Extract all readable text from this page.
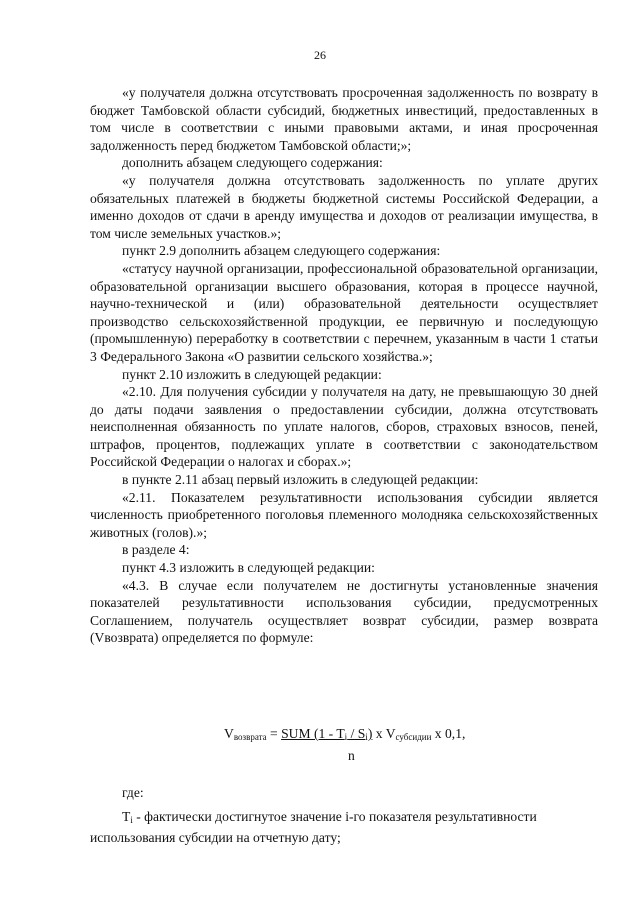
26

«у получателя должна отсутствовать просроченная задолженность по возврату в бюджет Тамбовской области субсидий, бюджетных инвестиций, предоставленных в том числе в соответствии с иными правовыми актами, и иная просроченная задолженность перед бюджетом Тамбовской области;»;

дополнить абзацем следующего содержания:

«у получателя должна отсутствовать задолженность по уплате других обязательных платежей в бюджеты бюджетной системы Российской Федерации, а именно доходов от сдачи в аренду имущества и доходов от реализации имущества, в том числе земельных участков.»;

пункт 2.9 дополнить абзацем следующего содержания:

«статусу научной организации, профессиональной образовательной организации, образовательной организации высшего образования, которая в процессе научной, научно-технической и (или) образовательной деятельности осуществляет производство сельскохозяйственной продукции, ее первичную и последующую (промышленную) переработку в соответствии с перечнем, указанным в части 1 статьи 3 Федерального Закона «О развитии сельского хозяйства.»;

пункт 2.10 изложить в следующей редакции:

«2.10. Для получения субсидии у получателя на дату, не превышающую 30 дней до даты подачи заявления о предоставлении субсидии, должна отсутствовать неисполненная обязанность по уплате налогов, сборов, страховых взносов, пеней, штрафов, процентов, подлежащих уплате в соответствии с законодательством Российской Федерации о налогах и сборах.»;

в пункте 2.11 абзац первый изложить в следующей редакции:

«2.11. Показателем результативности использования субсидии является численность приобретенного поголовья племенного молодняка сельскохозяйственных животных (голов).»;

в разделе 4:

пункт 4.3 изложить в следующей редакции:

«4.3. В случае если получателем не достигнуты установленные значения показателей результативности использования субсидии, предусмотренных Соглашением, получатель осуществляет возврат субсидии, размер возврата (Vвозврата) определяется по формуле:

$V_{возврата}$ = SUM $(1 - T_i / S_i)$ x $V_{субсидии}$ x 0,1,
n

где:

$T_i$ - фактически достигнутое значение i-го показателя результативности использования субсидии на отчетную дату;
